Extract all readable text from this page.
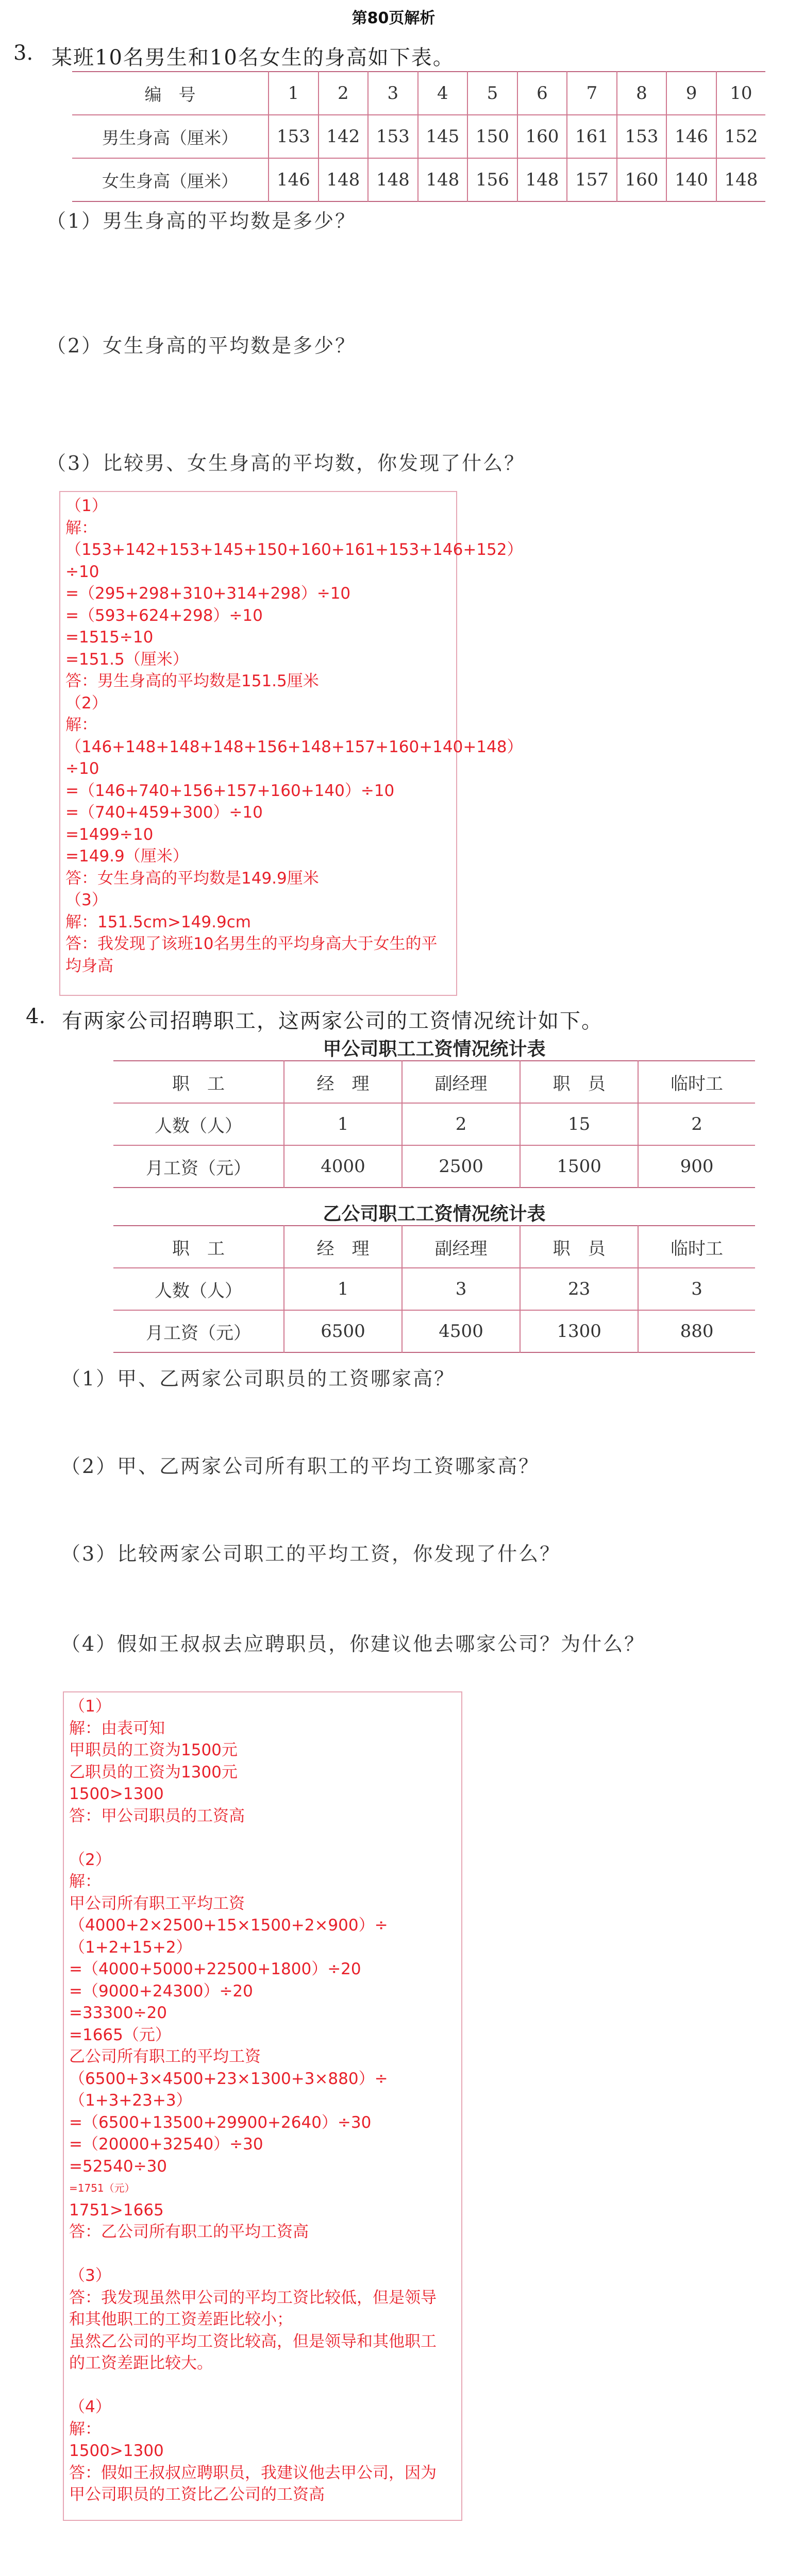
第80页解析
3. 某班10名男生和10名女生的身高如下表。
编　号	1	2	3	4	5	6	7	8	9	10
男生身高（厘米）	153	142	153	145	150	160	161	153	146	152
女生身高（厘米）	146	148	148	148	156	148	157	160	140	148
（1）男生身高的平均数是多少？
（2）女生身高的平均数是多少？
（3）比较男、女生身高的平均数，你发现了什么？
（1）
解：
（153+142+153+145+150+160+161+153+146+152）
÷10
=（295+298+310+314+298）÷10
=（593+624+298）÷10
=1515÷10
=151.5（厘米）
答：男生身高的平均数是151.5厘米
（2）
解：
（146+148+148+148+156+148+157+160+140+148）
÷10
=（146+740+156+157+160+140）÷10
=（740+459+300）÷10
=1499÷10
=149.9（厘米）
答：女生身高的平均数是149.9厘米
（3）
解：151.5cm>149.9cm
答：我发现了该班10名男生的平均身高大于女生的平
均身高
4. 有两家公司招聘职工，这两家公司的工资情况统计如下。
甲公司职工工资情况统计表
职　工	经　理	副经理	职　员	临时工
人数（人）	1	2	15	2
月工资（元）	4000	2500	1500	900
乙公司职工工资情况统计表
职　工	经　理	副经理	职　员	临时工
人数（人）	1	3	23	3
月工资（元）	6500	4500	1300	880
（1）甲、乙两家公司职员的工资哪家高？
（2）甲、乙两家公司所有职工的平均工资哪家高？
（3）比较两家公司职工的平均工资，你发现了什么？
（4）假如王叔叔去应聘职员，你建议他去哪家公司？为什么？
（1）
解：由表可知
甲职员的工资为1500元
乙职员的工资为1300元
1500>1300
答：甲公司职员的工资高
（2）
解：
甲公司所有职工平均工资
（4000+2×2500+15×1500+2×900）÷
（1+2+15+2）
=（4000+5000+22500+1800）÷20
=（9000+24300）÷20
=33300÷20
=1665（元）
乙公司所有职工的平均工资
（6500+3×4500+23×1300+3×880）÷
（1+3+23+3）
=（6500+13500+29900+2640）÷30
=（20000+32540）÷30
=52540÷30
=1751（元）
1751>1665
答：乙公司所有职工的平均工资高
（3）
答：我发现虽然甲公司的平均工资比较低，但是领导
和其他职工的工资差距比较小；
虽然乙公司的平均工资比较高，但是领导和其他职工
的工资差距比较大。
（4）
解：
1500>1300
答：假如王叔叔应聘职员，我建议他去甲公司，因为
甲公司职员的工资比乙公司的工资高
